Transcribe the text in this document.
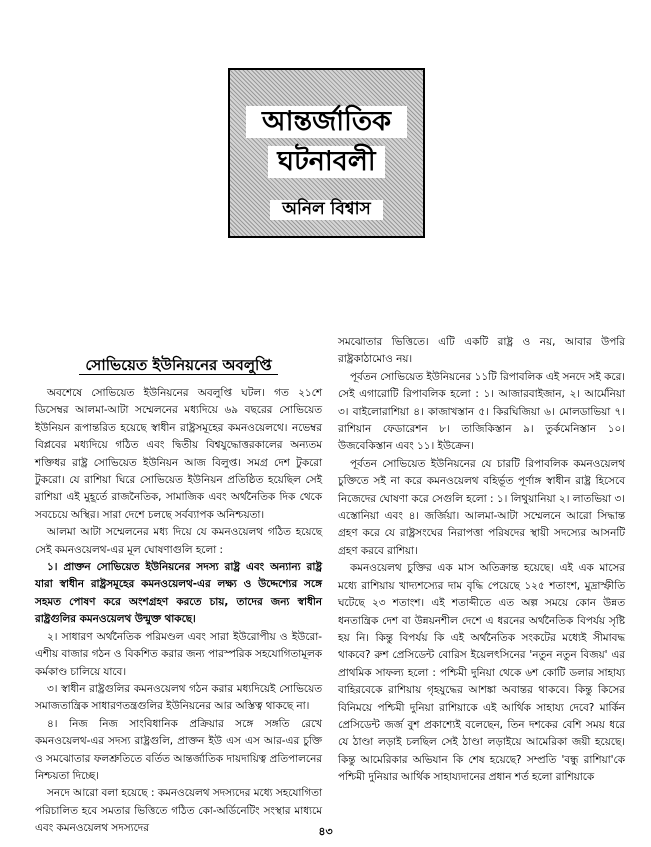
আন্তর্জাতিক
ঘটনাবলী
অনিল বিশ্বাস
সোভিয়েত ইউনিয়নের অবলুপ্তি

অবশেষে সোভিয়েত ইউনিয়নের অবলুপ্তি ঘটল। গত ২১শে ডিসেম্বর আলমা-আটা সম্মেলনের মধ্যদিয়ে ৬৯ বছরের সোভিয়েত ইউনিয়ন রূপান্তরিত হয়েছে স্বাধীন রাষ্ট্রসমূহের কমনওয়েলথে। নভেম্বর বিপ্লবের মধ্যদিয়ে গঠিত এবং দ্বিতীয় বিশ্বযুদ্ধোত্তরকালের অন্যতম শক্তিধর রাষ্ট্র সোভিয়েত ইউনিয়ন আজ বিলুপ্ত। সমগ্র দেশ টুকরো টুকরো। যে রাশিয়া ঘিরে সোভিয়েত ইউনিয়ন প্রতিষ্ঠিত হয়েছিল সেই রাশিয়া এই মুহূর্তে রাজনৈতিক, সামাজিক এবং অর্থনৈতিক দিক থেকে সবচেয়ে অস্থির। সারা দেশে চলছে সর্বব্যাপক অনিশ্চয়তা।

আলমা আটা সম্মেলনের মধ্য দিয়ে যে কমনওয়েলথ গঠিত হয়েছে সেই কমনওয়েলথ-এর মূল ঘোষণাগুলি হলো :

১। প্রাক্তন সোভিয়েত ইউনিয়নের সদস্য রাষ্ট্র এবং অন্যান্য রাষ্ট্র যারা স্বাধীন রাষ্ট্রসমূহের কমনওয়েলথ-এর লক্ষ্য ও উদ্দেশ্যের সঙ্গে সহমত পোষণ করে অংশগ্রহণ করতে চায়, তাদের জন্য স্বাধীন রাষ্ট্রগুলির কমনওয়েলথ উন্মুক্ত থাকছে।

২। সাধারণ অর্থনৈতিক পরিমণ্ডল এবং সারা ইউরোপীয় ও ইউরো-এশীয় বাজার গঠন ও বিকশিত করার জন্য পারস্পরিক সহযোগিতামূলক কর্মকাণ্ড চালিয়ে যাবে।

৩। স্বাধীন রাষ্ট্রগুলির কমনওয়েলথ গঠন করার মধ্যদিয়েই সোভিয়েত সমাজতান্ত্রিক সাধারণতন্ত্রগুলির ইউনিয়নের আর অস্তিত্ব থাকছে না।

৪। নিজ নিজ সাংবিধানিক প্রক্রিয়ার সঙ্গে সঙ্গতি রেখে কমনওয়েলথ-এর সদস্য রাষ্ট্রগুলি, প্রাক্তন ইউ এস এস আর-এর চুক্তি ও সমঝোতার ফলশ্রুতিতে বর্তিত আন্তর্জাতিক দায়দায়িত্ব প্রতিপালনের নিশ্চয়তা দিচ্ছে।

সনদে আরো বলা হয়েছে : কমনওয়েলথ সদস্যদের মধ্যে সহযোগিতা পরিচালিত হবে সমতার ভিত্তিতে গঠিত কো-অর্ডিনেটিং সংস্থার মাধ্যমে এবং কমনওয়েলথ সদস্যদের

সমঝোতার ভিত্তিতে। এটি একটি রাষ্ট্র ও নয়, আবার উপরি রাষ্ট্রকাঠামোও নয়।

পূর্বতন সোভিয়েত ইউনিয়নের ১১টি রিপাবলিক এই সনদে সই করে। সেই এগারোটি রিপাবলিক হলো : ১। আজারবাইজান, ২। আর্মেনিয়া ৩। বাইলোরাশিয়া ৪। কাজাখস্তান ৫। কিরঘিজিয়া ৬। মোলডাভিয়া ৭। রাশিয়ান ফেডারেশন ৮। তাজিকিস্তান ৯। তুর্কমেনিস্তান ১০। উজবেকিস্তান এবং ১১। ইউক্রেন।

পূর্বতন সোভিয়েত ইউনিয়নের যে চারটি রিপাবলিক কমনওয়েলথ চুক্তিতে সই না করে কমনওয়েলথ বহির্ভূত পূর্ণাঙ্গ স্বাধীন রাষ্ট্র হিসেবে নিজেদের ঘোষণা করে সেগুলি হলো : ১। লিথুয়ানিয়া ২। লাতভিয়া ৩। এস্তোনিয়া এবং ৪। জর্জিয়া। আলমা-আটা সম্মেলনে আরো সিদ্ধান্ত গ্রহণ করে যে রাষ্ট্রসংঘের নিরাপত্তা পরিষদের স্থায়ী সদস্যের আসনটি গ্রহণ করবে রাশিয়া।

কমনওয়েলথ চুক্তির এক মাস অতিক্রান্ত হয়েছে। এই এক মাসের মধ্যে রাশিয়ায় খাদ্যশস্যের দাম বৃদ্ধি পেয়েছে ১২৫ শতাংশ, মুদ্রাস্ফীতি ঘটেছে ২৩ শতাংশ। এই শতাব্দীতে এত অল্প সময়ে কোন উন্নত ধনতান্ত্রিক দেশ বা উন্নয়নশীল দেশে এ ধরনের অর্থনৈতিক বিপর্যয় সৃষ্টি হয় নি। কিন্তু বিপর্যয় কি এই অর্থনৈতিক সংকটের মধ্যেই সীমাবদ্ধ থাকবে? রুশ প্রেসিডেন্ট বোরিস ইয়েলৎসিনের 'নতুন নতুন বিজয়' এর প্রাথমিক সাফল্য হলো : পশ্চিমী দুনিয়া থেকে ৬শ কোটি ডলার সাহায্য বাহিরবেকে রাশিয়ায় গৃহযুদ্ধের আশঙ্কা অবান্তর থাকবে। কিন্তু কিসের বিনিময়ে পশ্চিমী দুনিয়া রাশিয়াকে এই আর্থিক সাহায্য দেবে? মার্কিন প্রেসিডেন্ট জর্জ বুশ প্রকাশ্যেই বলেছেন, তিন দশকের বেশি সময় ধরে যে ঠাণ্ডা লড়াই চলছিল সেই ঠাণ্ডা লড়াইয়ে আমেরিকা জয়ী হয়েছে। কিন্তু আমেরিকার অভিযান কি শেষ হয়েছে? সম্প্রতি 'বন্ধু রাশিয়া'কে পশ্চিমী দুনিয়ার আর্থিক সাহায্যদানের প্রধান শর্ত হলো রাশিয়াকে

৪৩
